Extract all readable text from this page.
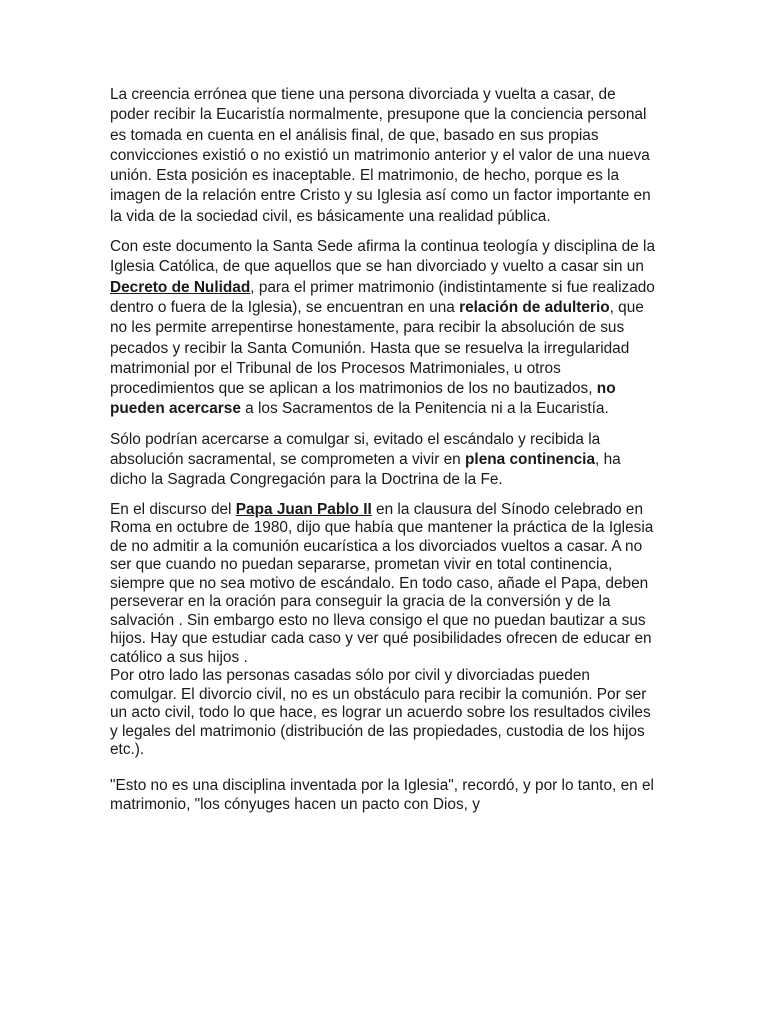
La creencia errónea que tiene una persona divorciada y vuelta a casar, de poder recibir la Eucaristía normalmente, presupone que la conciencia personal es tomada en cuenta en el análisis final, de que, basado en sus propias convicciones existió o no existió un matrimonio anterior y el valor de una nueva unión. Esta posición es inaceptable. El matrimonio, de hecho, porque es la imagen de la relación entre Cristo y su Iglesia así como un factor importante en la vida de la sociedad civil, es básicamente una realidad pública.

Con este documento la Santa Sede afirma la continua teología y disciplina de la Iglesia Católica, de que aquellos que se han divorciado y vuelto a casar sin un Decreto de Nulidad, para el primer matrimonio (indistintamente si fue realizado dentro o fuera de la Iglesia), se encuentran en una relación de adulterio, que no les permite arrepentirse honestamente, para recibir la absolución de sus pecados y recibir la Santa Comunión. Hasta que se resuelva la irregularidad matrimonial por el Tribunal de los Procesos Matrimoniales, u otros procedimientos que se aplican a los matrimonios de los no bautizados, no pueden acercarse a los Sacramentos de la Penitencia ni a la Eucaristía.

Sólo podrían acercarse a comulgar si, evitado el escándalo y recibida la absolución sacramental, se comprometen a vivir en plena continencia, ha dicho la Sagrada Congregación para la Doctrina de la Fe.

En el discurso del Papa Juan Pablo II en la clausura del Sínodo celebrado en Roma en octubre de 1980, dijo que había que mantener la práctica de la Iglesia de no admitir a la comunión eucarística a los divorciados vueltos a casar. A no ser que cuando no puedan separarse, prometan vivir en total continencia, siempre que no sea motivo de escándalo. En todo caso, añade el Papa, deben perseverar en la oración para conseguir la gracia de la conversión y de la salvación . Sin embargo esto no lleva consigo el que no puedan bautizar a sus hijos. Hay que estudiar cada caso y ver qué posibilidades ofrecen de educar en católico a sus hijos .
Por otro lado las personas casadas sólo por civil y divorciadas pueden comulgar. El divorcio civil, no es un obstáculo para recibir la comunión. Por ser un acto civil, todo lo que hace, es lograr un acuerdo sobre los resultados civiles y legales del matrimonio (distribución de las propiedades, custodia de los hijos etc.).

"Esto no es una disciplina inventada por la Iglesia", recordó, y por lo tanto, en el matrimonio, "los cónyuges hacen un pacto con Dios, y
